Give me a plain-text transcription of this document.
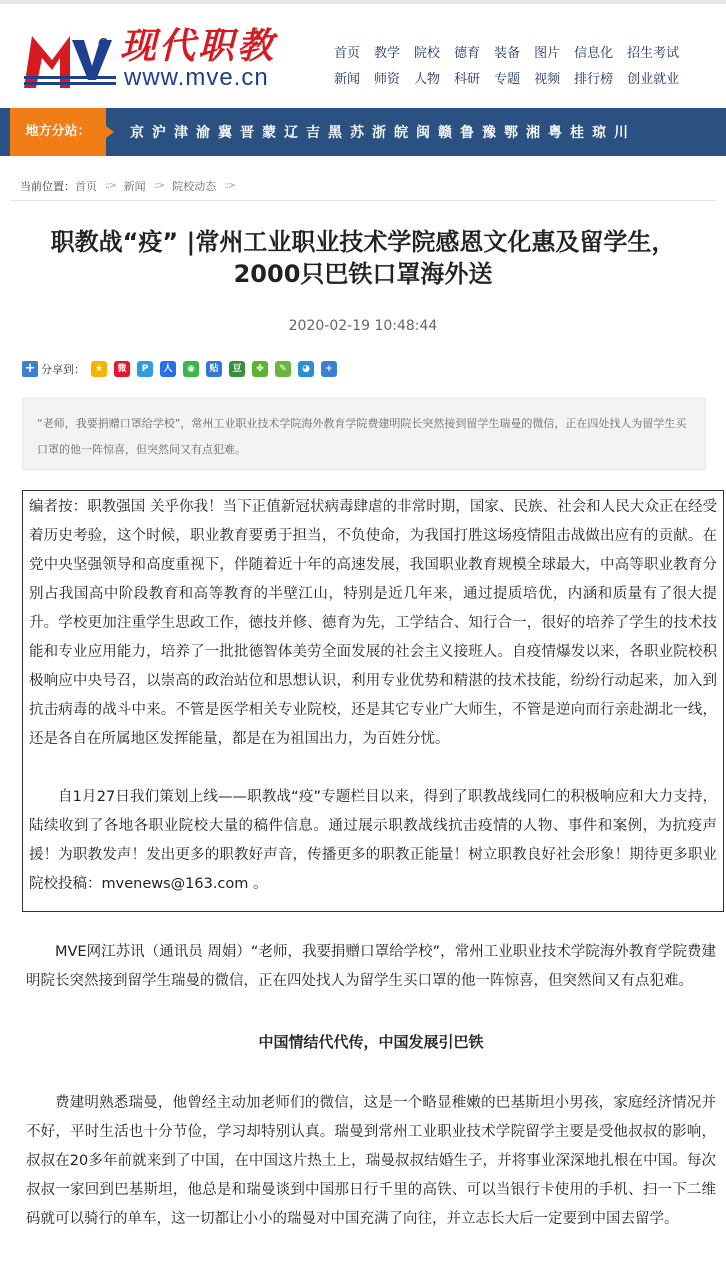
e 现代职教
www.mve.cn
首页 教学 院校 德育 装备 图片 信息化 招生考试
新闻 师资 人物 科研 专题 视频 排行榜 创业就业
地方分站：	京 沪 津 渝 冀 晋 蒙 辽 吉 黑 苏 浙 皖 闽 赣 鲁 豫 鄂 湘 粤 桂 琼 川
当前位置： 首页 ::> 新闻 ::> 院校动态 ::>
职教战“疫” |常州工业职业技术学院感恩文化惠及留学生，2000只巴铁口罩海外送
2020-02-19 10:48:44
+ 分享到：	★	微	P	人	◉	贴	豆	✤	✎	◕	+
“老师，我要捐赠口罩给学校”，常州工业职业技术学院海外教育学院费建明院长突然接到留学生瑞曼的微信，正在四处找人为留学生买口罩的他一阵惊喜，但突然间又有点犯难。

编者按：职教强国 关乎你我！当下正值新冠状病毒肆虐的非常时期，国家、民族、社会和人民大众正在经受着历史考验，这个时候，职业教育要勇于担当，不负使命，为我国打胜这场疫情阻击战做出应有的贡献。在党中央坚强领导和高度重视下，伴随着近十年的高速发展，我国职业教育规模全球最大，中高等职业教育分别占我国高中阶段教育和高等教育的半壁江山，特别是近几年来，通过提质培优，内涵和质量有了很大提升。学校更加注重学生思政工作，德技并修、德育为先，工学结合、知行合一，很好的培养了学生的技术技能和专业应用能力，培养了一批批德智体美劳全面发展的社会主义接班人。自疫情爆发以来，各职业院校积极响应中央号召，以崇高的政治站位和思想认识，利用专业优势和精湛的技术技能，纷纷行动起来，加入到抗击病毒的战斗中来。不管是医学相关专业院校，还是其它专业广大师生，不管是逆向而行亲赴湖北一线，还是各自在所属地区发挥能量，都是在为祖国出力，为百姓分忧。

自1月27日我们策划上线——职教战“疫”专题栏目以来，得到了职教战线同仁的积极响应和大力支持，陆续收到了各地各职业院校大量的稿件信息。通过展示职教战线抗击疫情的人物、事件和案例，为抗疫声援！为职教发声！发出更多的职教好声音，传播更多的职教正能量！树立职教良好社会形象！期待更多职业院校投稿：mvenews@163.com 。

MVE网江苏讯（通讯员 周娟）“老师，我要捐赠口罩给学校”，常州工业职业技术学院海外教育学院费建明院长突然接到留学生瑞曼的微信，正在四处找人为留学生买口罩的他一阵惊喜，但突然间又有点犯难。

中国情结代代传，中国发展引巴铁

费建明熟悉瑞曼，他曾经主动加老师们的微信，这是一个略显稚嫩的巴基斯坦小男孩，家庭经济情况并不好，平时生活也十分节俭，学习却特别认真。瑞曼到常州工业职业技术学院留学主要是受他叔叔的影响，叔叔在20多年前就来到了中国，在中国这片热土上，瑞曼叔叔结婚生子，并将事业深深地扎根在中国。每次叔叔一家回到巴基斯坦，他总是和瑞曼谈到中国那日行千里的高铁、可以当银行卡使用的手机、扫一下二维码就可以骑行的单车，这一切都让小小的瑞曼对中国充满了向往，并立志长大后一定要到中国去留学。
